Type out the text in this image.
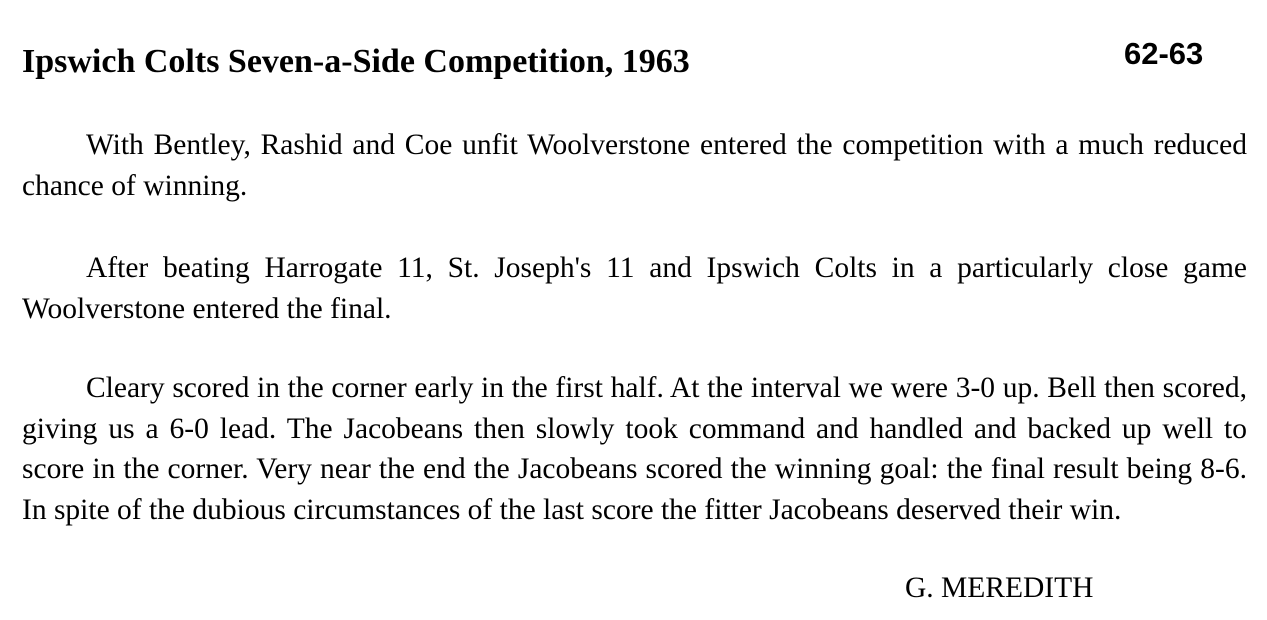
Ipswich Colts Seven-a-Side Competition, 1963	62-63

With Bentley, Rashid and Coe unfit Woolverstone entered the competition with a much reduced chance of winning.

After beating Harrogate 11, St. Joseph's 11 and Ipswich Colts in a particularly close game Woolverstone entered the final.

Cleary scored in the corner early in the first half. At the interval we were 3-0 up. Bell then scored, giving us a 6-0 lead. The Jacobeans then slowly took command and handled and backed up well to score in the corner. Very near the end the Jacobeans scored the winning goal: the final result being 8-6. In spite of the dubious circumstances of the last score the fitter Jacobeans deserved their win.

G. MEREDITH
